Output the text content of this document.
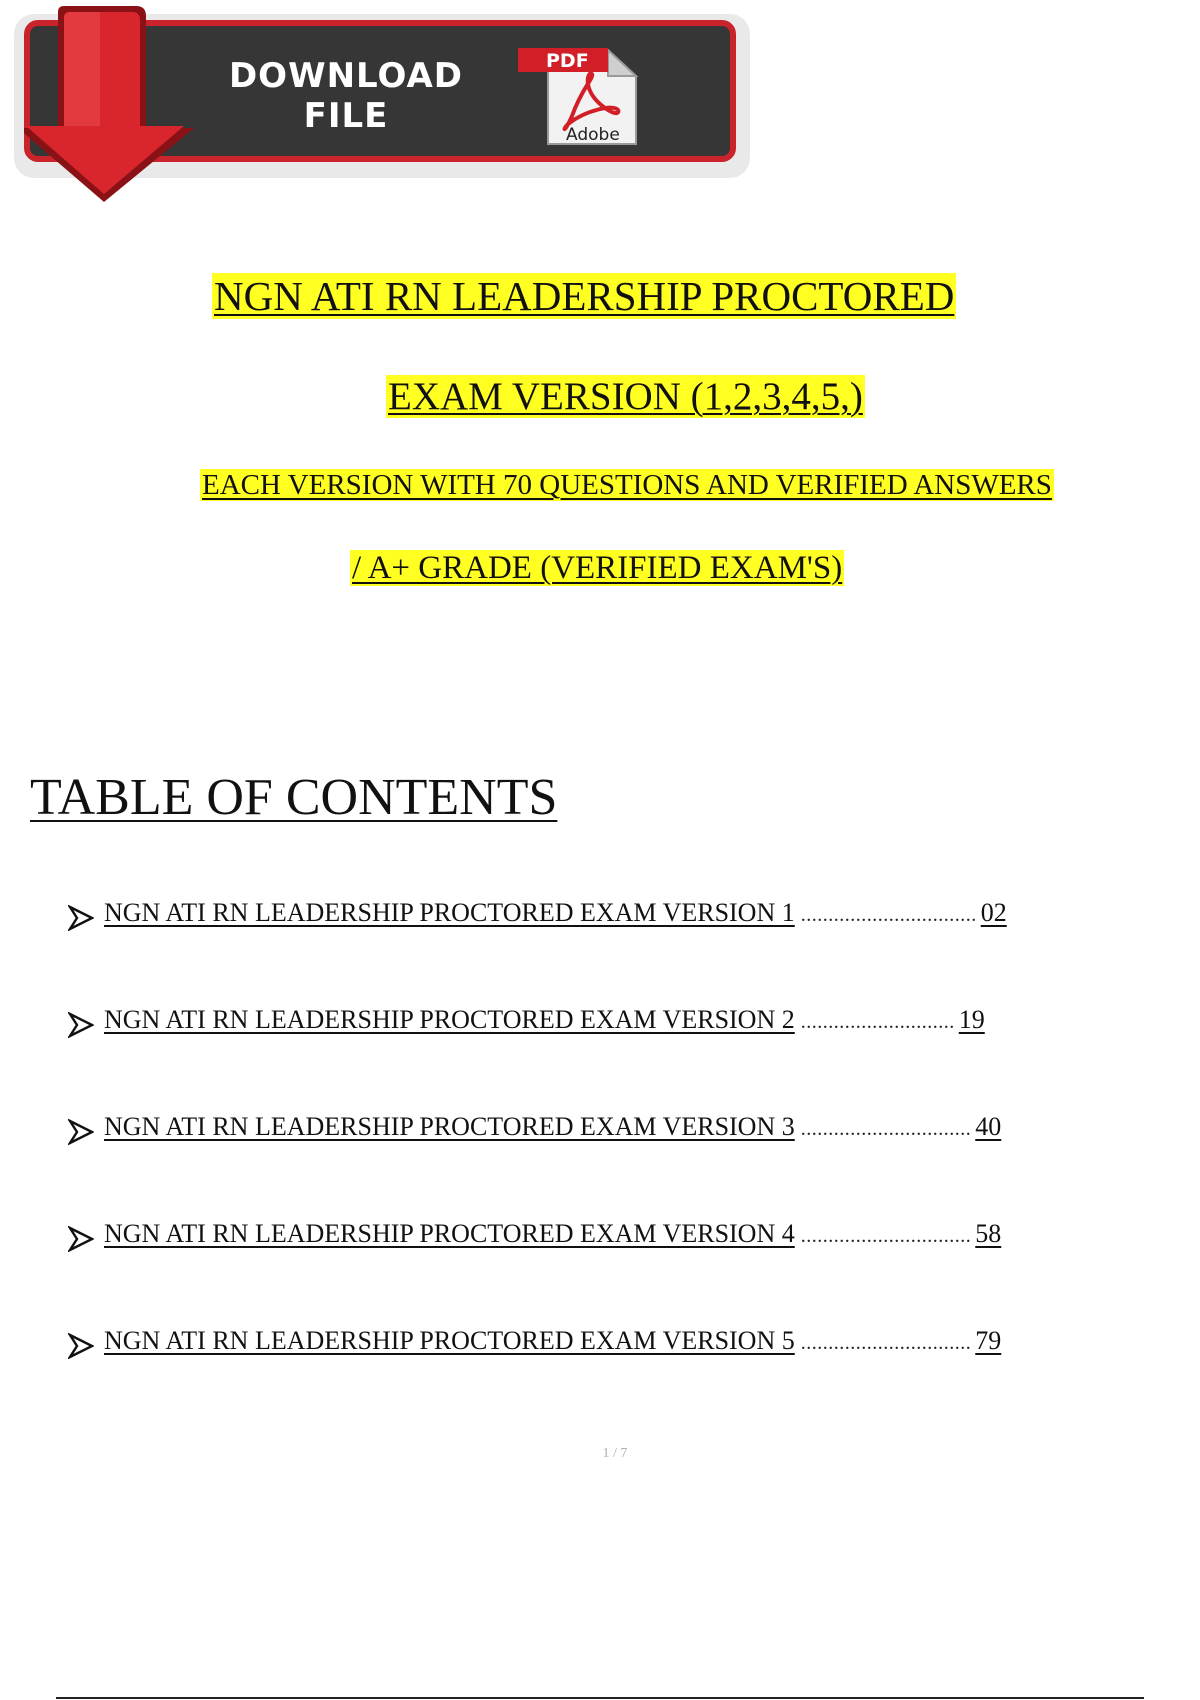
DOWNLOAD
FILE
PDF
Adobe
NGN ATI RN LEADERSHIP PROCTORED
EXAM VERSION (1,2,3,4,5,)
EACH VERSION WITH 70 QUESTIONS AND VERIFIED ANSWERS
/ A+ GRADE (VERIFIED EXAM'S)
TABLE OF CONTENTS
NGN ATI RN LEADERSHIP PROCTORED EXAM VERSION 1 ................................ 02
NGN ATI RN LEADERSHIP PROCTORED EXAM VERSION 2 ............................ 19
NGN ATI RN LEADERSHIP PROCTORED EXAM VERSION 3 ............................... 40
NGN ATI RN LEADERSHIP PROCTORED EXAM VERSION 4 ............................... 58
NGN ATI RN LEADERSHIP PROCTORED EXAM VERSION 5 ............................... 79
1 / 7
